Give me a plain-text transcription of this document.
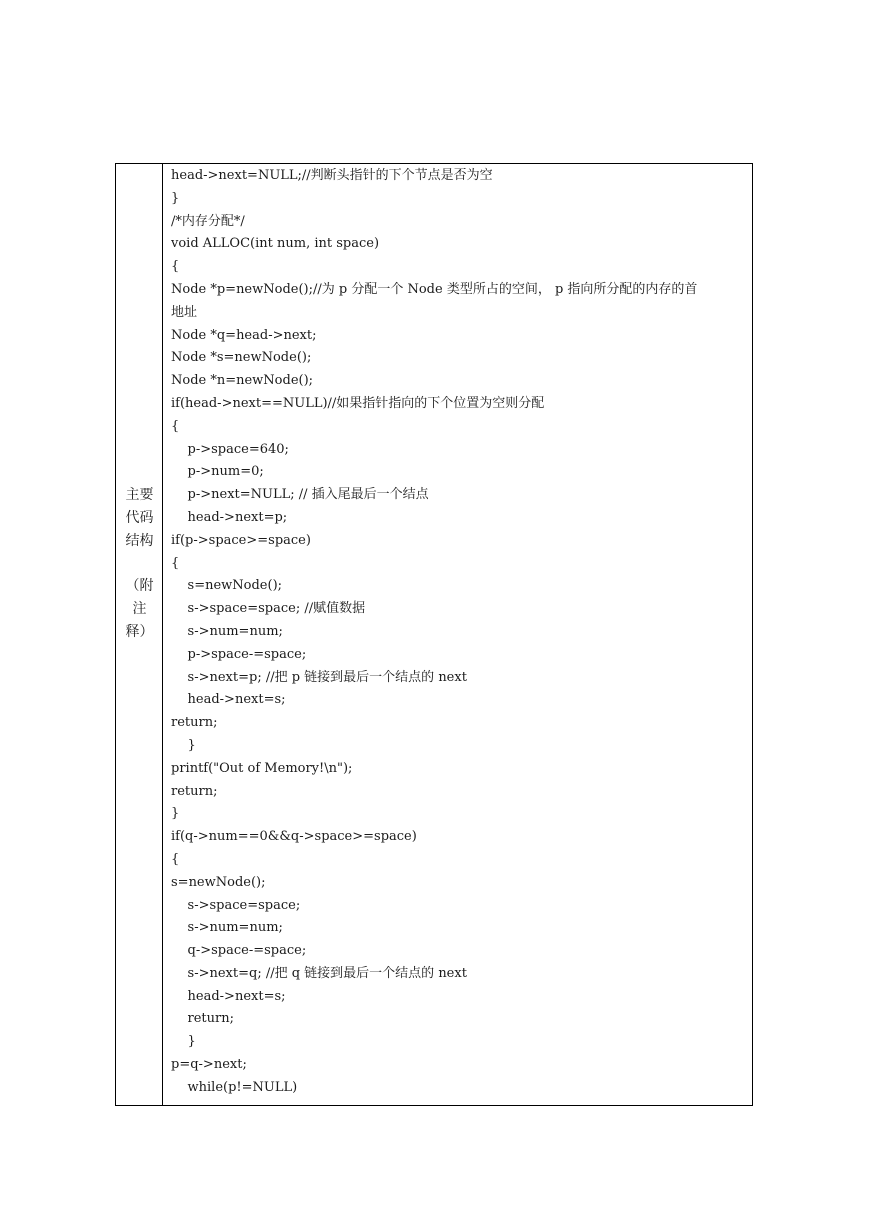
主要
代码
结构

（附
注
释）
head->next=NULL;//判断头指针的下个节点是否为空
}
/*内存分配*/
void ALLOC(int num, int space)
{
Node *p=newNode();//为 p 分配一个 Node 类型所占的空间， p 指向所分配的内存的首
地址
Node *q=head->next;
Node *s=newNode();
Node *n=newNode();
if(head->next==NULL)//如果指针指向的下个位置为空则分配
{
p->space=640;
p->num=0;
p->next=NULL; // 插入尾最后一个结点
head->next=p;
if(p->space>=space)
{
s=newNode();
s->space=space; //赋值数据
s->num=num;
p->space-=space;
s->next=p; //把 p 链接到最后一个结点的 next
head->next=s;
return;
}
printf("Out of Memory!\n");
return;
}
if(q->num==0&&q->space>=space)
{
s=newNode();
s->space=space;
s->num=num;
q->space-=space;
s->next=q; //把 q 链接到最后一个结点的 next
head->next=s;
return;
}
p=q->next;
while(p!=NULL)
